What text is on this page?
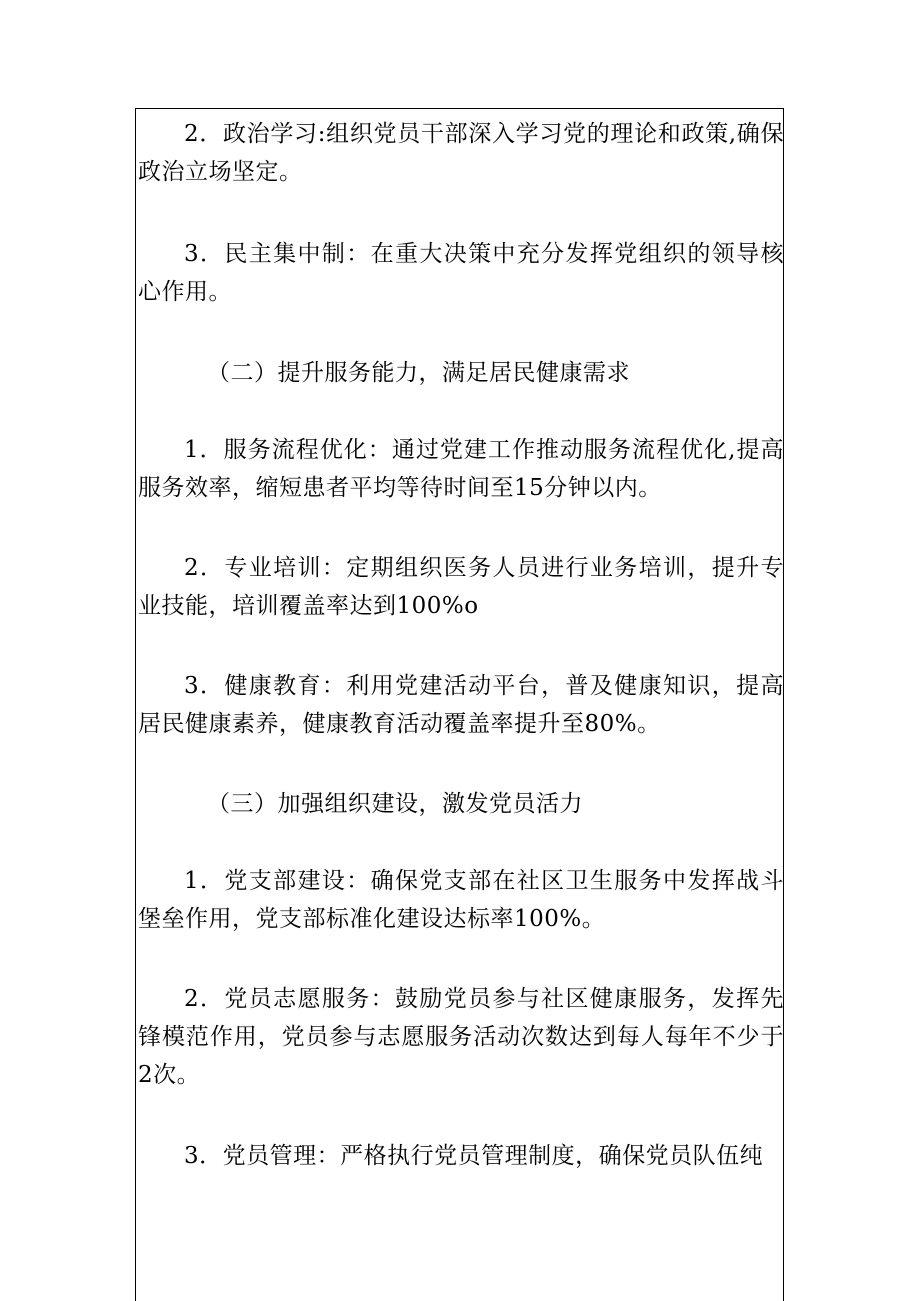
2．政治学习:组织党员干部深入学习党的理论和政策,确保政治立场坚定。

3．民主集中制：在重大决策中充分发挥党组织的领导核心作用。

（二）提升服务能力，满足居民健康需求

1．服务流程优化：通过党建工作推动服务流程优化,提高服务效率，缩短患者平均等待时间至15分钟以内。

2．专业培训：定期组织医务人员进行业务培训，提升专业技能，培训覆盖率达到100%o

3．健康教育：利用党建活动平台，普及健康知识，提高居民健康素养，健康教育活动覆盖率提升至80%。

（三）加强组织建设，激发党员活力

1．党支部建设：确保党支部在社区卫生服务中发挥战斗堡垒作用，党支部标准化建设达标率100%。

2．党员志愿服务：鼓励党员参与社区健康服务，发挥先锋模范作用，党员参与志愿服务活动次数达到每人每年不少于2次。

3．党员管理：严格执行党员管理制度，确保党员队伍纯
